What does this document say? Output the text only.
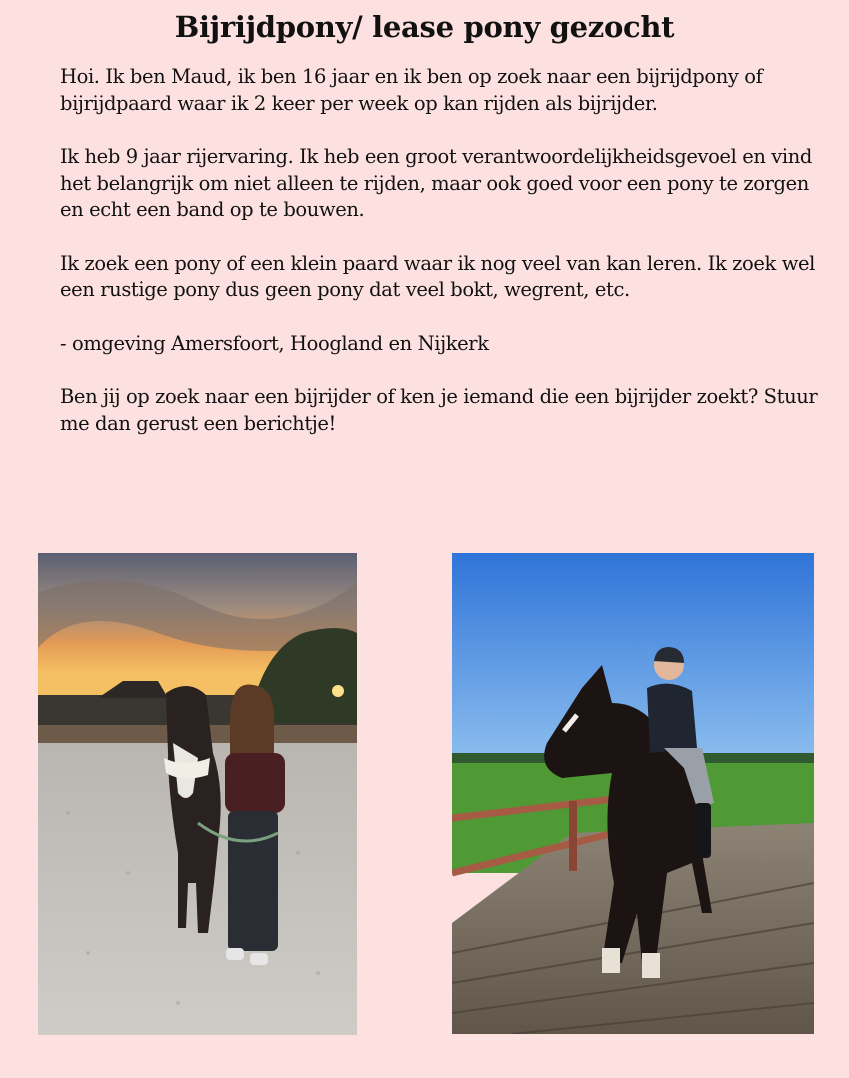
Bijrijdpony/ lease pony gezocht

Hoi. Ik ben Maud, ik ben 16 jaar en ik ben op zoek naar een bijrijdpony of bijrijdpaard waar ik 2 keer per week op kan rijden als bijrijder.

Ik heb 9 jaar rijervaring. Ik heb een groot verantwoordelijkheidsgevoel en vind het belangrijk om niet alleen te rijden, maar ook goed voor een pony te zorgen en echt een band op te bouwen.

Ik zoek een pony of een klein paard waar ik nog veel van kan leren. Ik zoek wel een rustige pony dus geen pony dat veel bokt, wegrent, etc.

- omgeving Amersfoort, Hoogland en Nijkerk

Ben jij op zoek naar een bijrijder of ken je iemand die een bijrijder zoekt? Stuur me dan gerust een berichtje!
